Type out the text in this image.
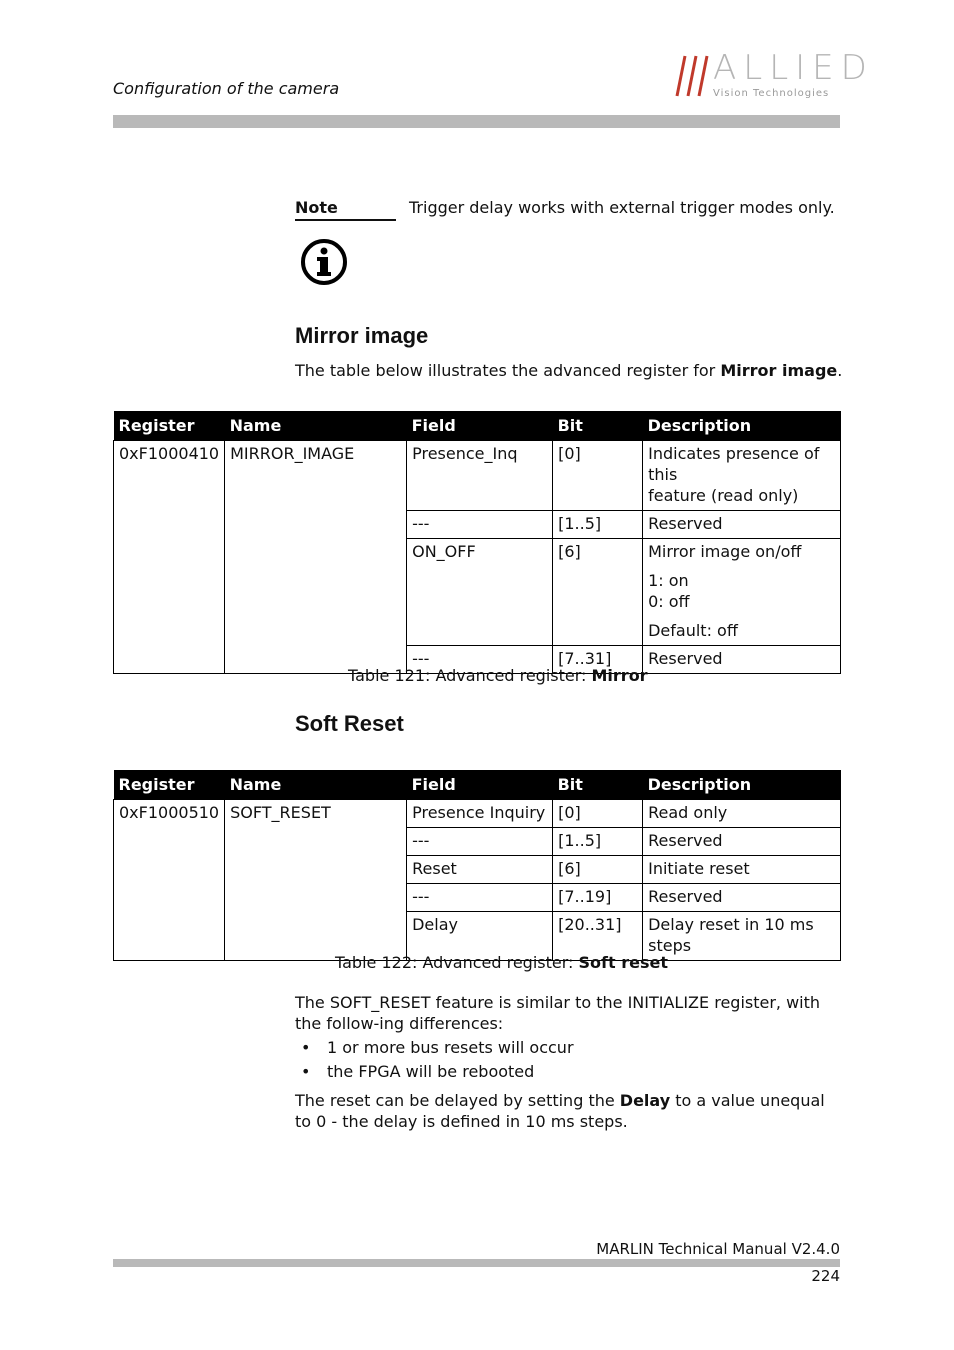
Configuration of the camera
ALLIED
Vision Technologies
Note	Trigger delay works with external trigger modes only.
Mirror image
The table below illustrates the advanced register for Mirror image.
Register	Name	Field	Bit	Description
0xF1000410	MIRROR_IMAGE	Presence_Inq	[0]	Indicates presence of this
feature (read only)

		---	[1..5]	Reserved
		ON_OFF	[6]	Mirror image on/off
1: on
0: off
Default: off

		---	[7..31]	Reserved
Table 121: Advanced register: Mirror
Soft Reset
Register	Name	Field	Bit	Description
0xF1000510	SOFT_RESET	Presence Inquiry	[0]	Read only
		---	[1..5]	Reserved
		Reset	[6]	Initiate reset
		---	[7..19]	Reserved
		Delay	[20..31]	Delay reset in 10 ms steps
Table 122: Advanced register: Soft reset
The SOFT_RESET feature is similar to the INITIALIZE register, with the follow-ing differences:
• 1 or more bus resets will occur
• the FPGA will be rebooted
The reset can be delayed by setting the Delay to a value unequal to 0 - the delay is defined in 10 ms steps.
MARLIN Technical Manual V2.4.0
224
